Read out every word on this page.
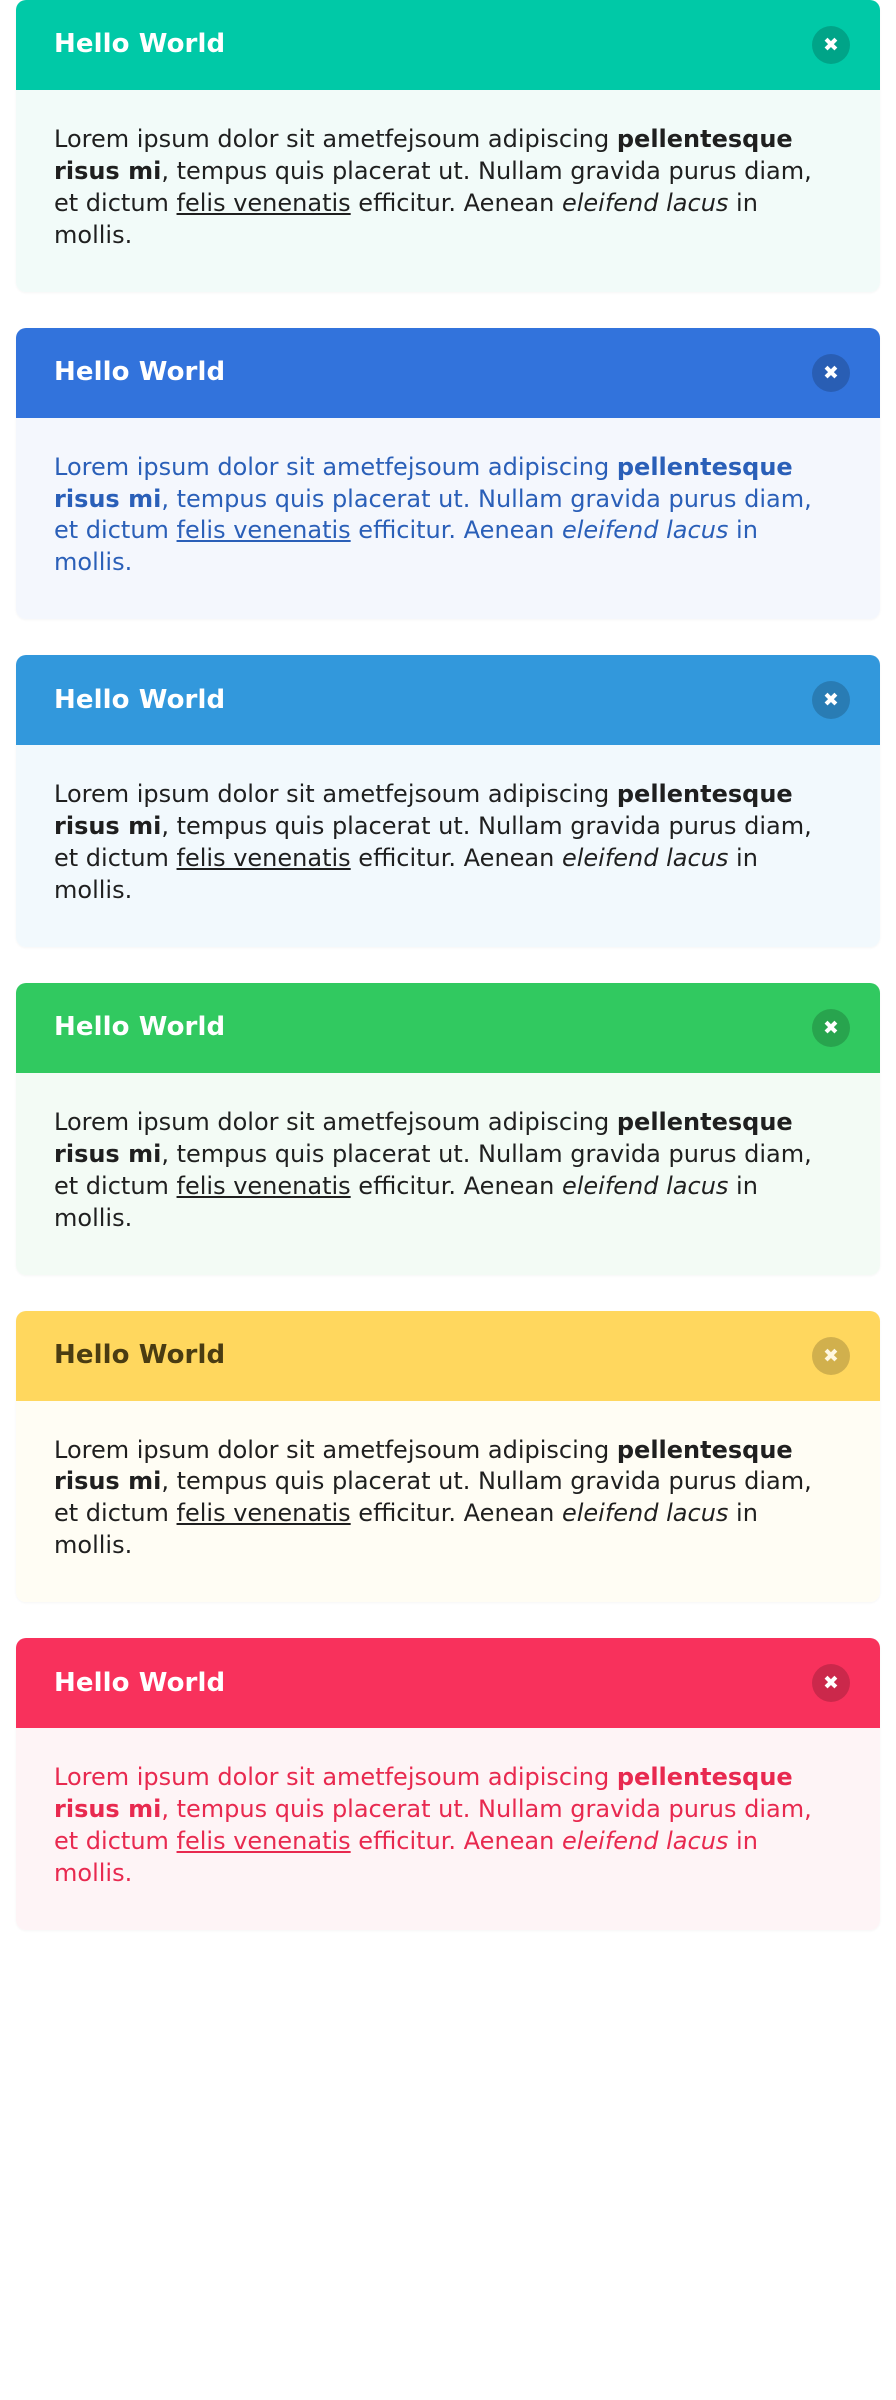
Hello World	✖

Lorem ipsum dolor sit ametfejsoum adipiscing pellentesque risus mi, tempus quis placerat ut. Nullam gravida purus diam, et dictum felis venenatis efficitur. Aenean eleifend lacus in mollis.

Hello World	✖

Lorem ipsum dolor sit ametfejsoum adipiscing pellentesque risus mi, tempus quis placerat ut. Nullam gravida purus diam, et dictum felis venenatis efficitur. Aenean eleifend lacus in mollis.

Hello World	✖

Lorem ipsum dolor sit ametfejsoum adipiscing pellentesque risus mi, tempus quis placerat ut. Nullam gravida purus diam, et dictum felis venenatis efficitur. Aenean eleifend lacus in mollis.

Hello World	✖

Lorem ipsum dolor sit ametfejsoum adipiscing pellentesque risus mi, tempus quis placerat ut. Nullam gravida purus diam, et dictum felis venenatis efficitur. Aenean eleifend lacus in mollis.

Hello World	✖

Lorem ipsum dolor sit ametfejsoum adipiscing pellentesque risus mi, tempus quis placerat ut. Nullam gravida purus diam, et dictum felis venenatis efficitur. Aenean eleifend lacus in mollis.

Hello World	✖

Lorem ipsum dolor sit ametfejsoum adipiscing pellentesque risus mi, tempus quis placerat ut. Nullam gravida purus diam, et dictum felis venenatis efficitur. Aenean eleifend lacus in mollis.
